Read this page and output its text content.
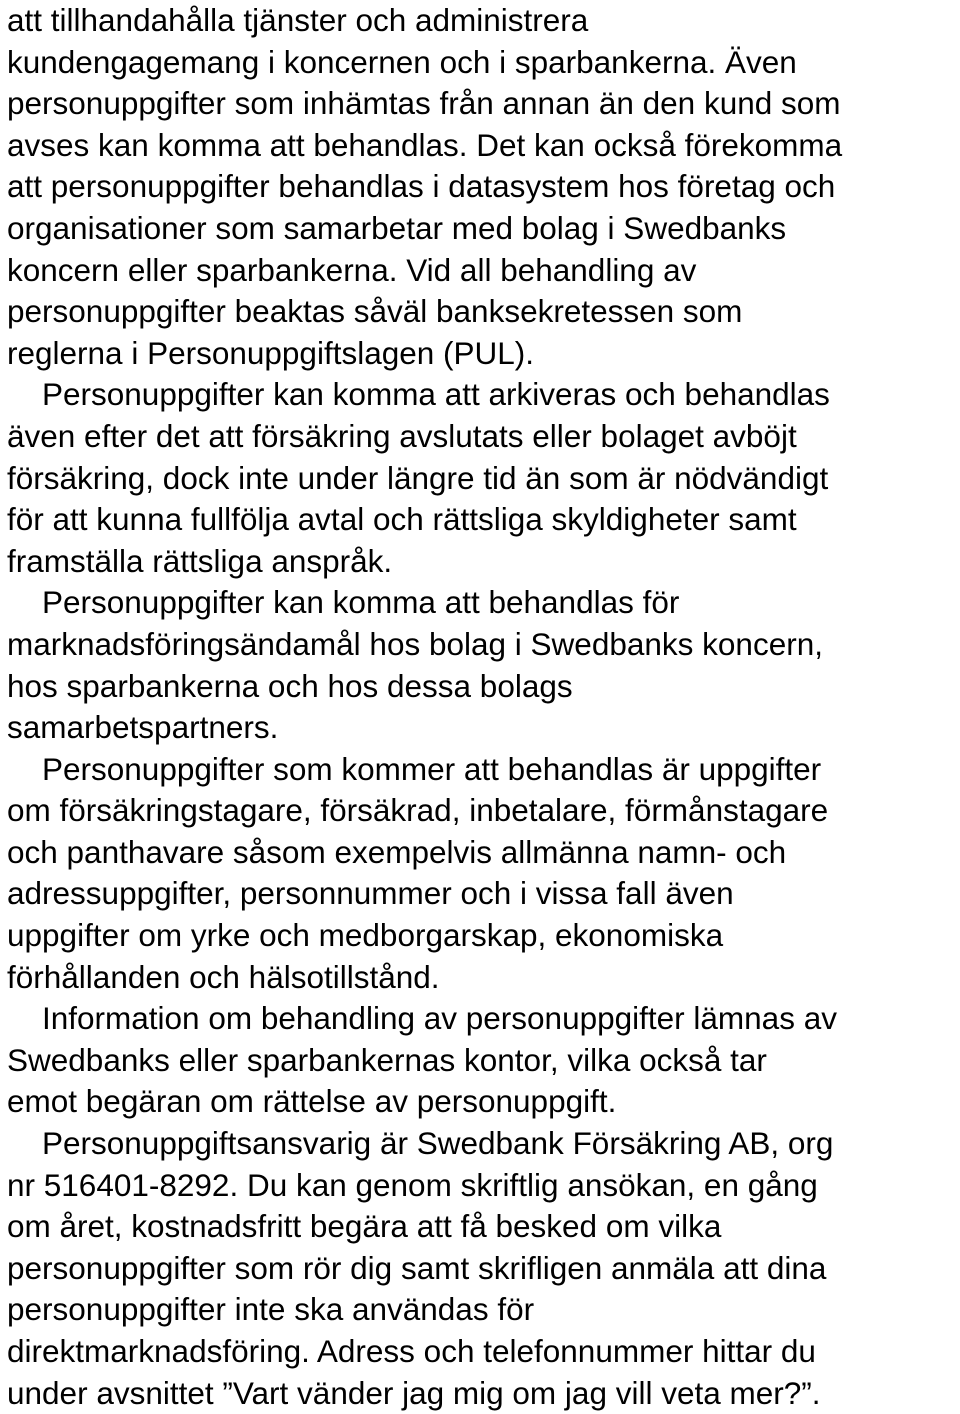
att tillhandahålla tjänster och administrera
kundengagemang i koncernen och i sparbankerna. Även
personuppgifter som inhämtas från annan än den kund som
avses kan komma att behandlas. Det kan också förekomma
att personuppgifter behandlas i datasystem hos företag och
organisationer som samarbetar med bolag i Swedbanks
koncern eller sparbankerna. Vid all behandling av
personuppgifter beaktas såväl banksekretessen som
reglerna i Personuppgiftslagen (PUL).
Personuppgifter kan komma att arkiveras och behandlas
även efter det att försäkring avslutats eller bolaget avböjt
försäkring, dock inte under längre tid än som är nödvändigt
för att kunna fullfölja avtal och rättsliga skyldigheter samt
framställa rättsliga anspråk.
Personuppgifter kan komma att behandlas för
marknadsföringsändamål hos bolag i Swedbanks koncern,
hos sparbankerna och hos dessa bolags
samarbetspartners.
Personuppgifter som kommer att behandlas är uppgifter
om försäkringstagare, försäkrad, inbetalare, förmånstagare
och panthavare såsom exempelvis allmänna namn- och
adressuppgifter, personnummer och i vissa fall även
uppgifter om yrke och medborgarskap, ekonomiska
förhållanden och hälsotillstånd.
Information om behandling av personuppgifter lämnas av
Swedbanks eller sparbankernas kontor, vilka också tar
emot begäran om rättelse av personuppgift.
Personuppgiftsansvarig är Swedbank Försäkring AB, org
nr 516401-8292. Du kan genom skriftlig ansökan, en gång
om året, kostnadsfritt begära att få besked om vilka
personuppgifter som rör dig samt skrifligen anmäla att dina
personuppgifter inte ska användas för
direktmarknadsföring. Adress och telefonnummer hittar du
under avsnittet ”Vart vänder jag mig om jag vill veta mer?”.
